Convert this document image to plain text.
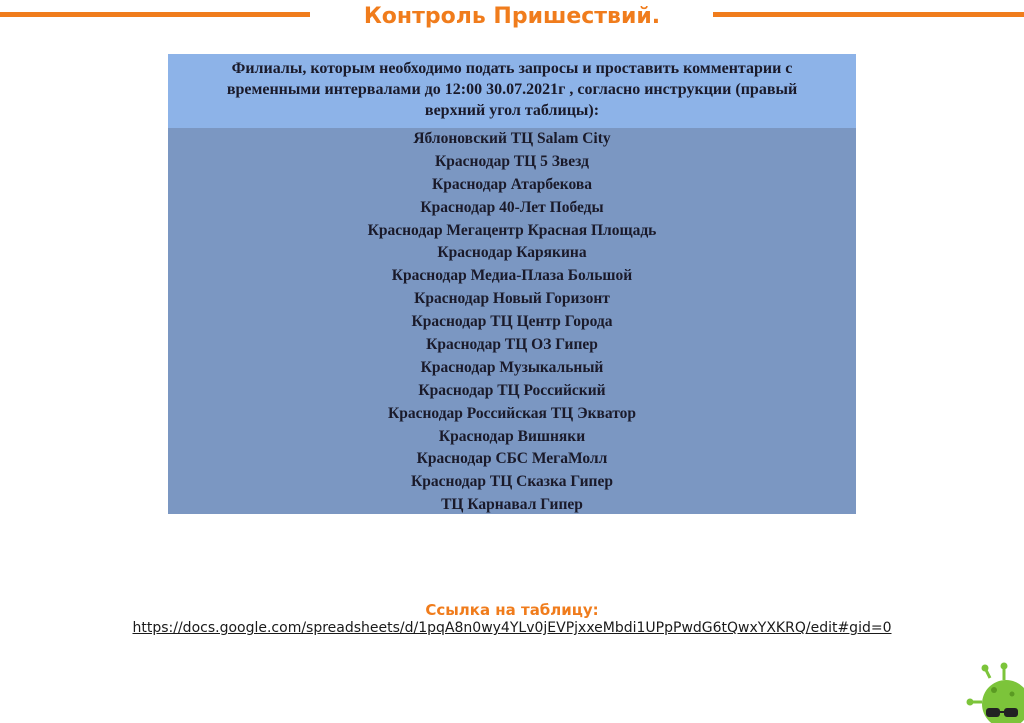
Контроль Пришествий.
Филиалы, которым необходимо подать запросы и проставить комментарии с
временными интервалами до 12:00 30.07.2021г , согласно инструкции (правый
верхний угол таблицы):
Яблоновский ТЦ Salam City
Краснодар ТЦ 5 Звезд
Краснодар Атарбекова
Краснодар 40-Лет Победы
Краснодар Мегацентр Красная Площадь
Краснодар Карякина
Краснодар Медиа-Плаза Большой
Краснодар Новый Горизонт
Краснодар ТЦ Центр Города
Краснодар ТЦ ОЗ Гипер
Краснодар Музыкальный
Краснодар ТЦ Российский
Краснодар Российская ТЦ Экватор
Краснодар Вишняки
Краснодар СБС МегаМолл
Краснодар ТЦ Сказка Гипер
ТЦ Карнавал Гипер
Ссылка на таблицу:
https://docs.google.com/spreadsheets/d/1pqA8n0wy4YLv0jEVPjxxeMbdi1UPpPwdG6tQwxYXKRQ/edit#gid=0
